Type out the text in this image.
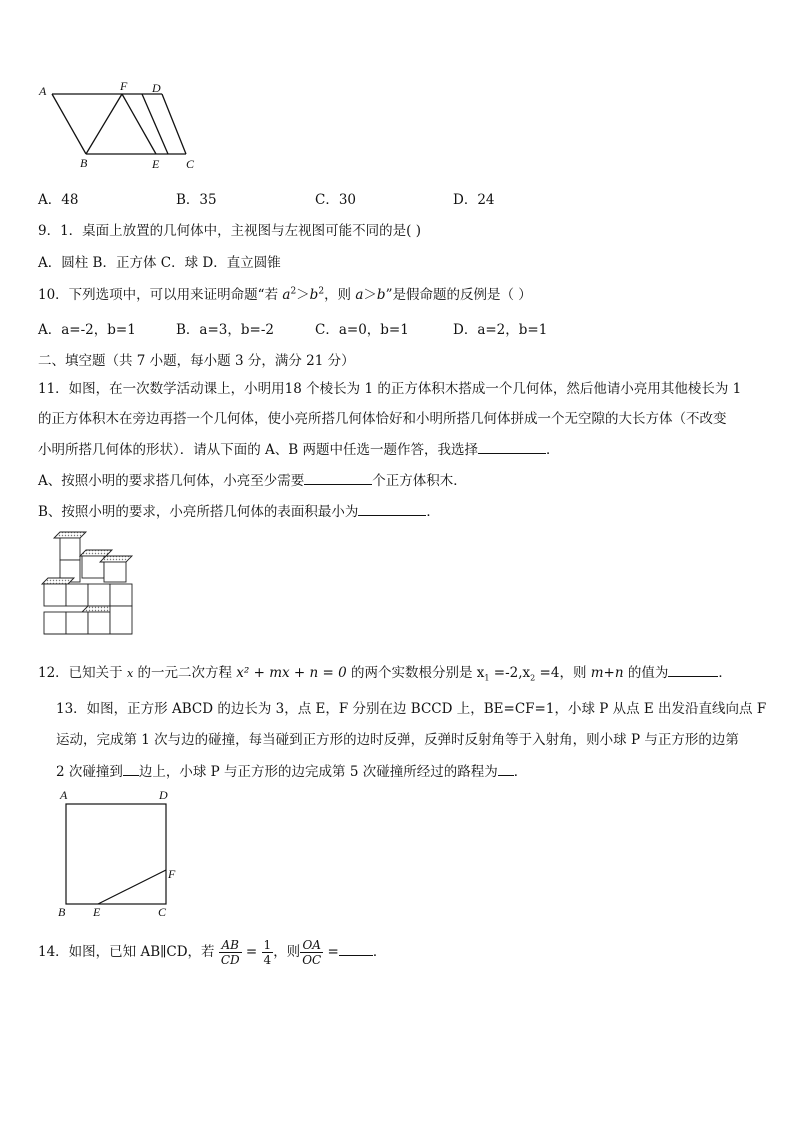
A	F D
B	E C
A．48	B．35	C．30	D．24
9．1．桌面上放置的几何体中，主视图与左视图可能不同的是( )
A．圆柱 B．正方体 C．球 D．直立圆锥
10．下列选项中，可以用来证明命题“若 $a^2>b^2$，则 a＞b”是假命题的反例是（ ）
A．a=-2，b=1	B．a=3，b=-2	C．a=0，b=1	D．a=2，b=1
二、填空题（共 7 小题，每小题 3 分，满分 21 分）
11．如图，在一次数学活动课上，小明用18 个棱长为 1 的正方体积木搭成一个几何体，然后他请小亮用其他棱长为 1
的正方体积木在旁边再搭一个几何体，使小亮所搭几何体恰好和小明所搭几何体拼成一个无空隙的大长方体（不改变
小明所搭几何体的形状）．请从下面的 A、B 两题中任选一题作答，我选择	．
A、按照小明的要求搭几何体，小亮至少需要	个正方体积木．
B、按照小明的要求，小亮所搭几何体的表面积最小为	．
12．已知关于 x 的一元二次方程 x² + mx + n = 0 的两个实数根分别是 $x_1 =-2,x_2 =4$，则 m+n 的值为	．
13．如图，正方形 ABCD 的边长为 3，点 E，F 分别在边 BCCD 上，BE=CF=1，小球 P 从点 E 出发沿直线向点 F
运动，完成第 1 次与边的碰撞，每当碰到正方形的边时反弹，反弹时反射角等于入射角，则小球 P 与正方形的边第
2 次碰撞到 边上，小球 P 与正方形的边完成第 5 次碰撞所经过的路程为 ．
A	D
F
B E	C
14．如图，已知 AB∥CD，若 $\frac{AB}{CD} = \frac{1}{4}$ ，则 $\frac{OA}{OC}$ =	．
